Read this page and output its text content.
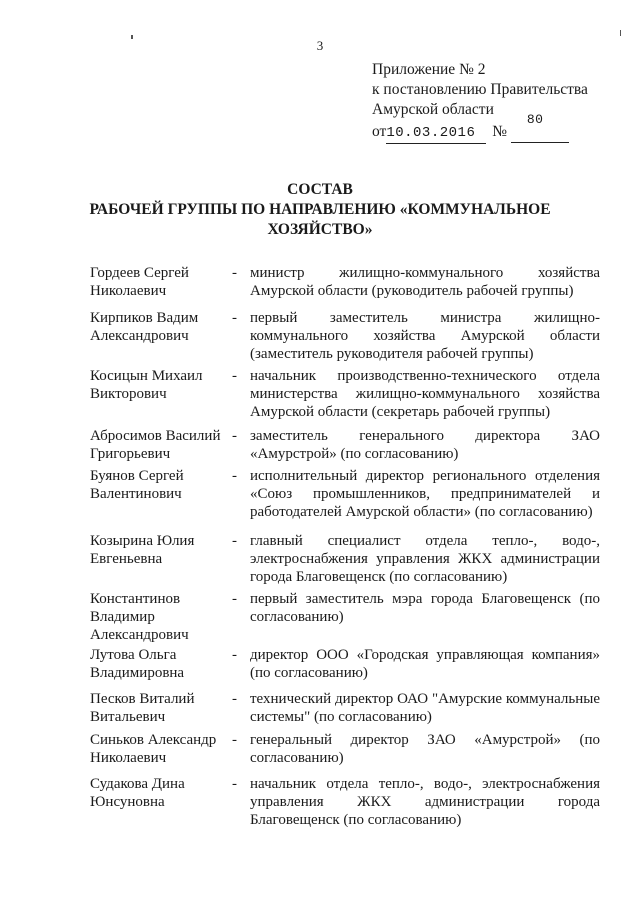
3
Приложение № 2
к постановлению Правительства
Амурской области
от10.03.2016 №
80

СОСТАВ
РАБОЧЕЙ ГРУППЫ ПО НАПРАВЛЕНИЮ «КОММУНАЛЬНОЕ
ХОЗЯЙСТВО»
Гордеев Сергей Николаевич
- министр жилищно-коммунального хозяйства Амурской области (руководитель рабочей группы)
Кирпиков Вадим Александрович
- первый заместитель министра жилищно-коммунального хозяйства Амурской области (заместитель руководителя рабочей группы)
Косицын Михаил Викторович
- начальник производственно-технического отдела министерства жилищно-коммунального хозяйства Амурской области (секретарь рабочей группы)
Абросимов Василий Григорьевич
- заместитель генерального директора ЗАО «Амурстрой» (по согласованию)
Буянов Сергей Валентинович
- исполнительный директор регионального отделения «Союз промышленников, предпринимателей и работодателей Амурской области» (по согласованию)
Козырина Юлия Евгеньевна
- главный специалист отдела тепло-, водо-, электроснабжения управления ЖКХ администрации города Благовещенск (по согласованию)
Константинов Владимир Александрович
- первый заместитель мэра города Благовещенск (по согласованию)
Лутова Ольга Владимировна
- директор ООО «Городская управляющая компания» (по согласованию)
Песков Виталий Витальевич
- технический директор ОАО "Амурские коммунальные системы" (по согласованию)
Синьков Александр Николаевич
- генеральный директор ЗАО «Амурстрой» (по согласованию)
Судакова Дина Юнсуновна
- начальник отдела тепло-, водо-, электроснабжения управления ЖКХ администрации города Благовещенск (по согласованию)
